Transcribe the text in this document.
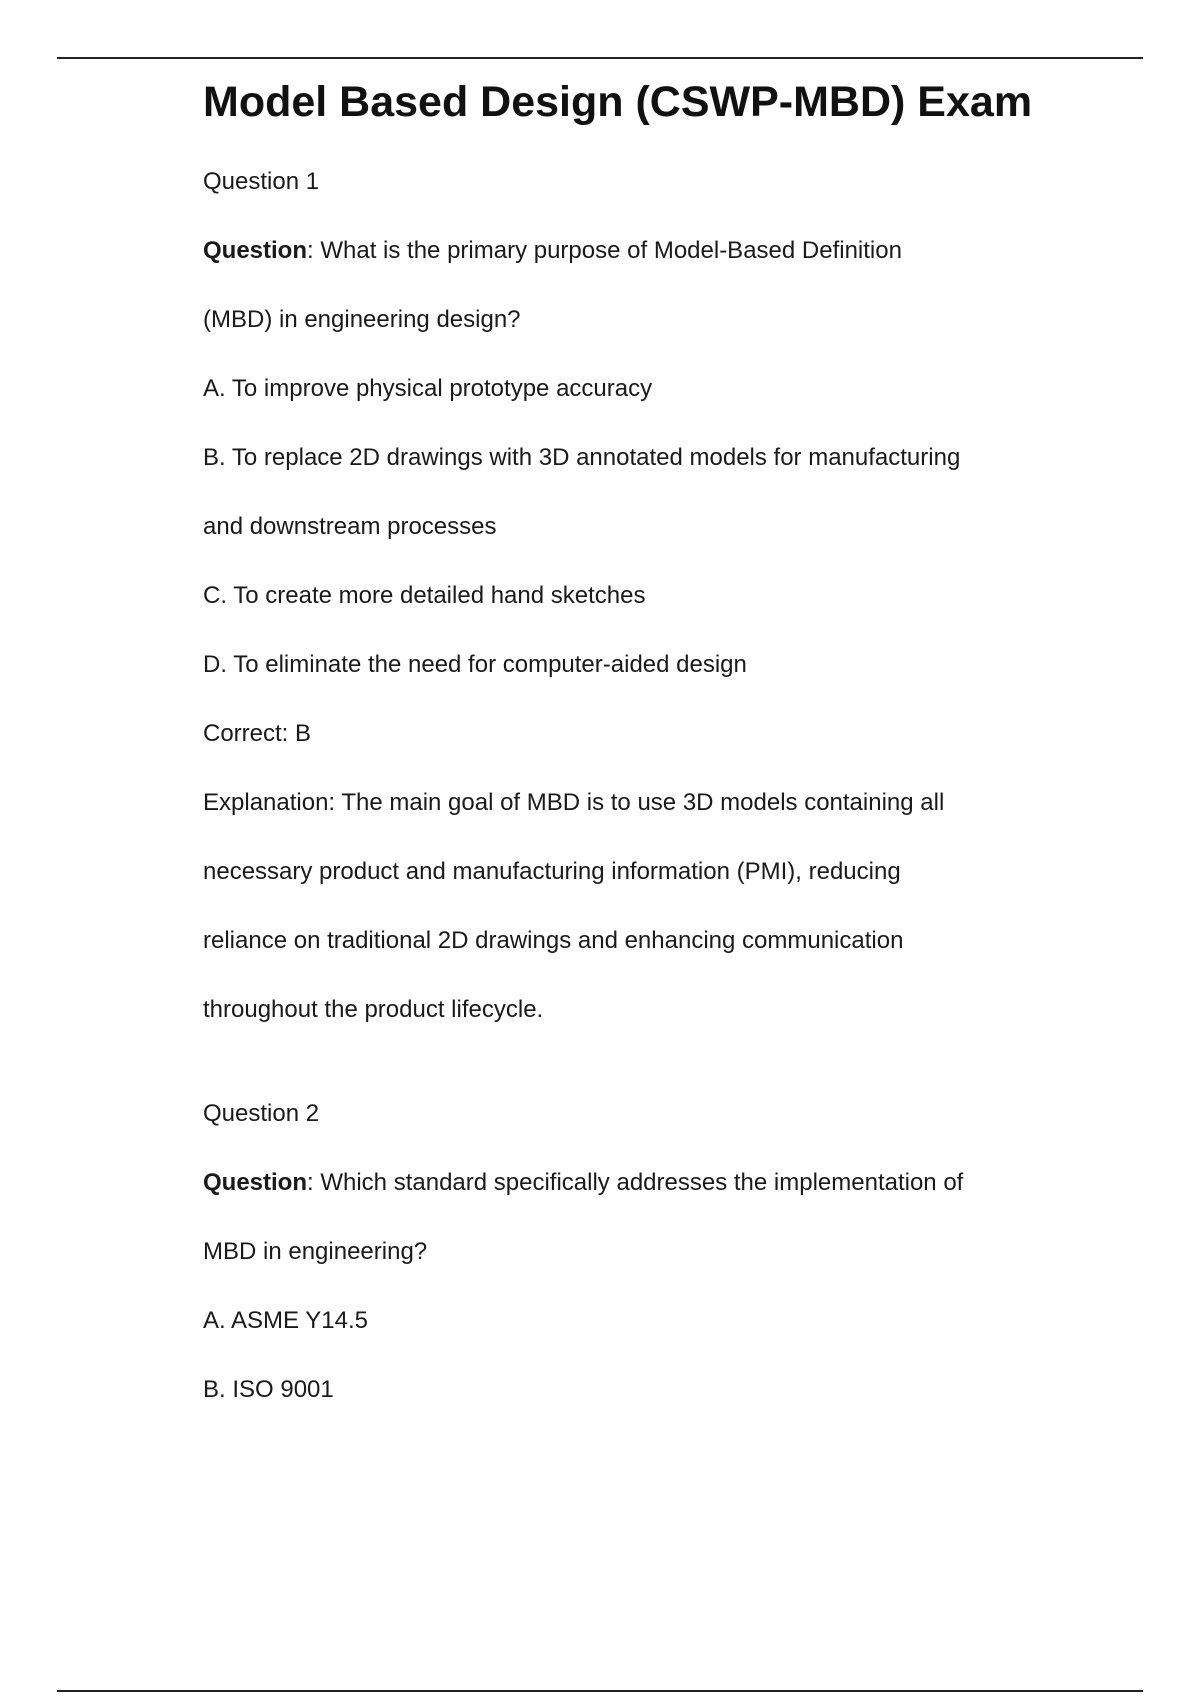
Model Based Design (CSWP-MBD) Exam

Question 1

Question: What is the primary purpose of Model-Based Definition

(MBD) in engineering design?

A. To improve physical prototype accuracy

B. To replace 2D drawings with 3D annotated models for manufacturing

and downstream processes

C. To create more detailed hand sketches

D. To eliminate the need for computer-aided design

Correct: B

Explanation: The main goal of MBD is to use 3D models containing all

necessary product and manufacturing information (PMI), reducing

reliance on traditional 2D drawings and enhancing communication

throughout the product lifecycle.

Question 2

Question: Which standard specifically addresses the implementation of

MBD in engineering?

A. ASME Y14.5

B. ISO 9001
